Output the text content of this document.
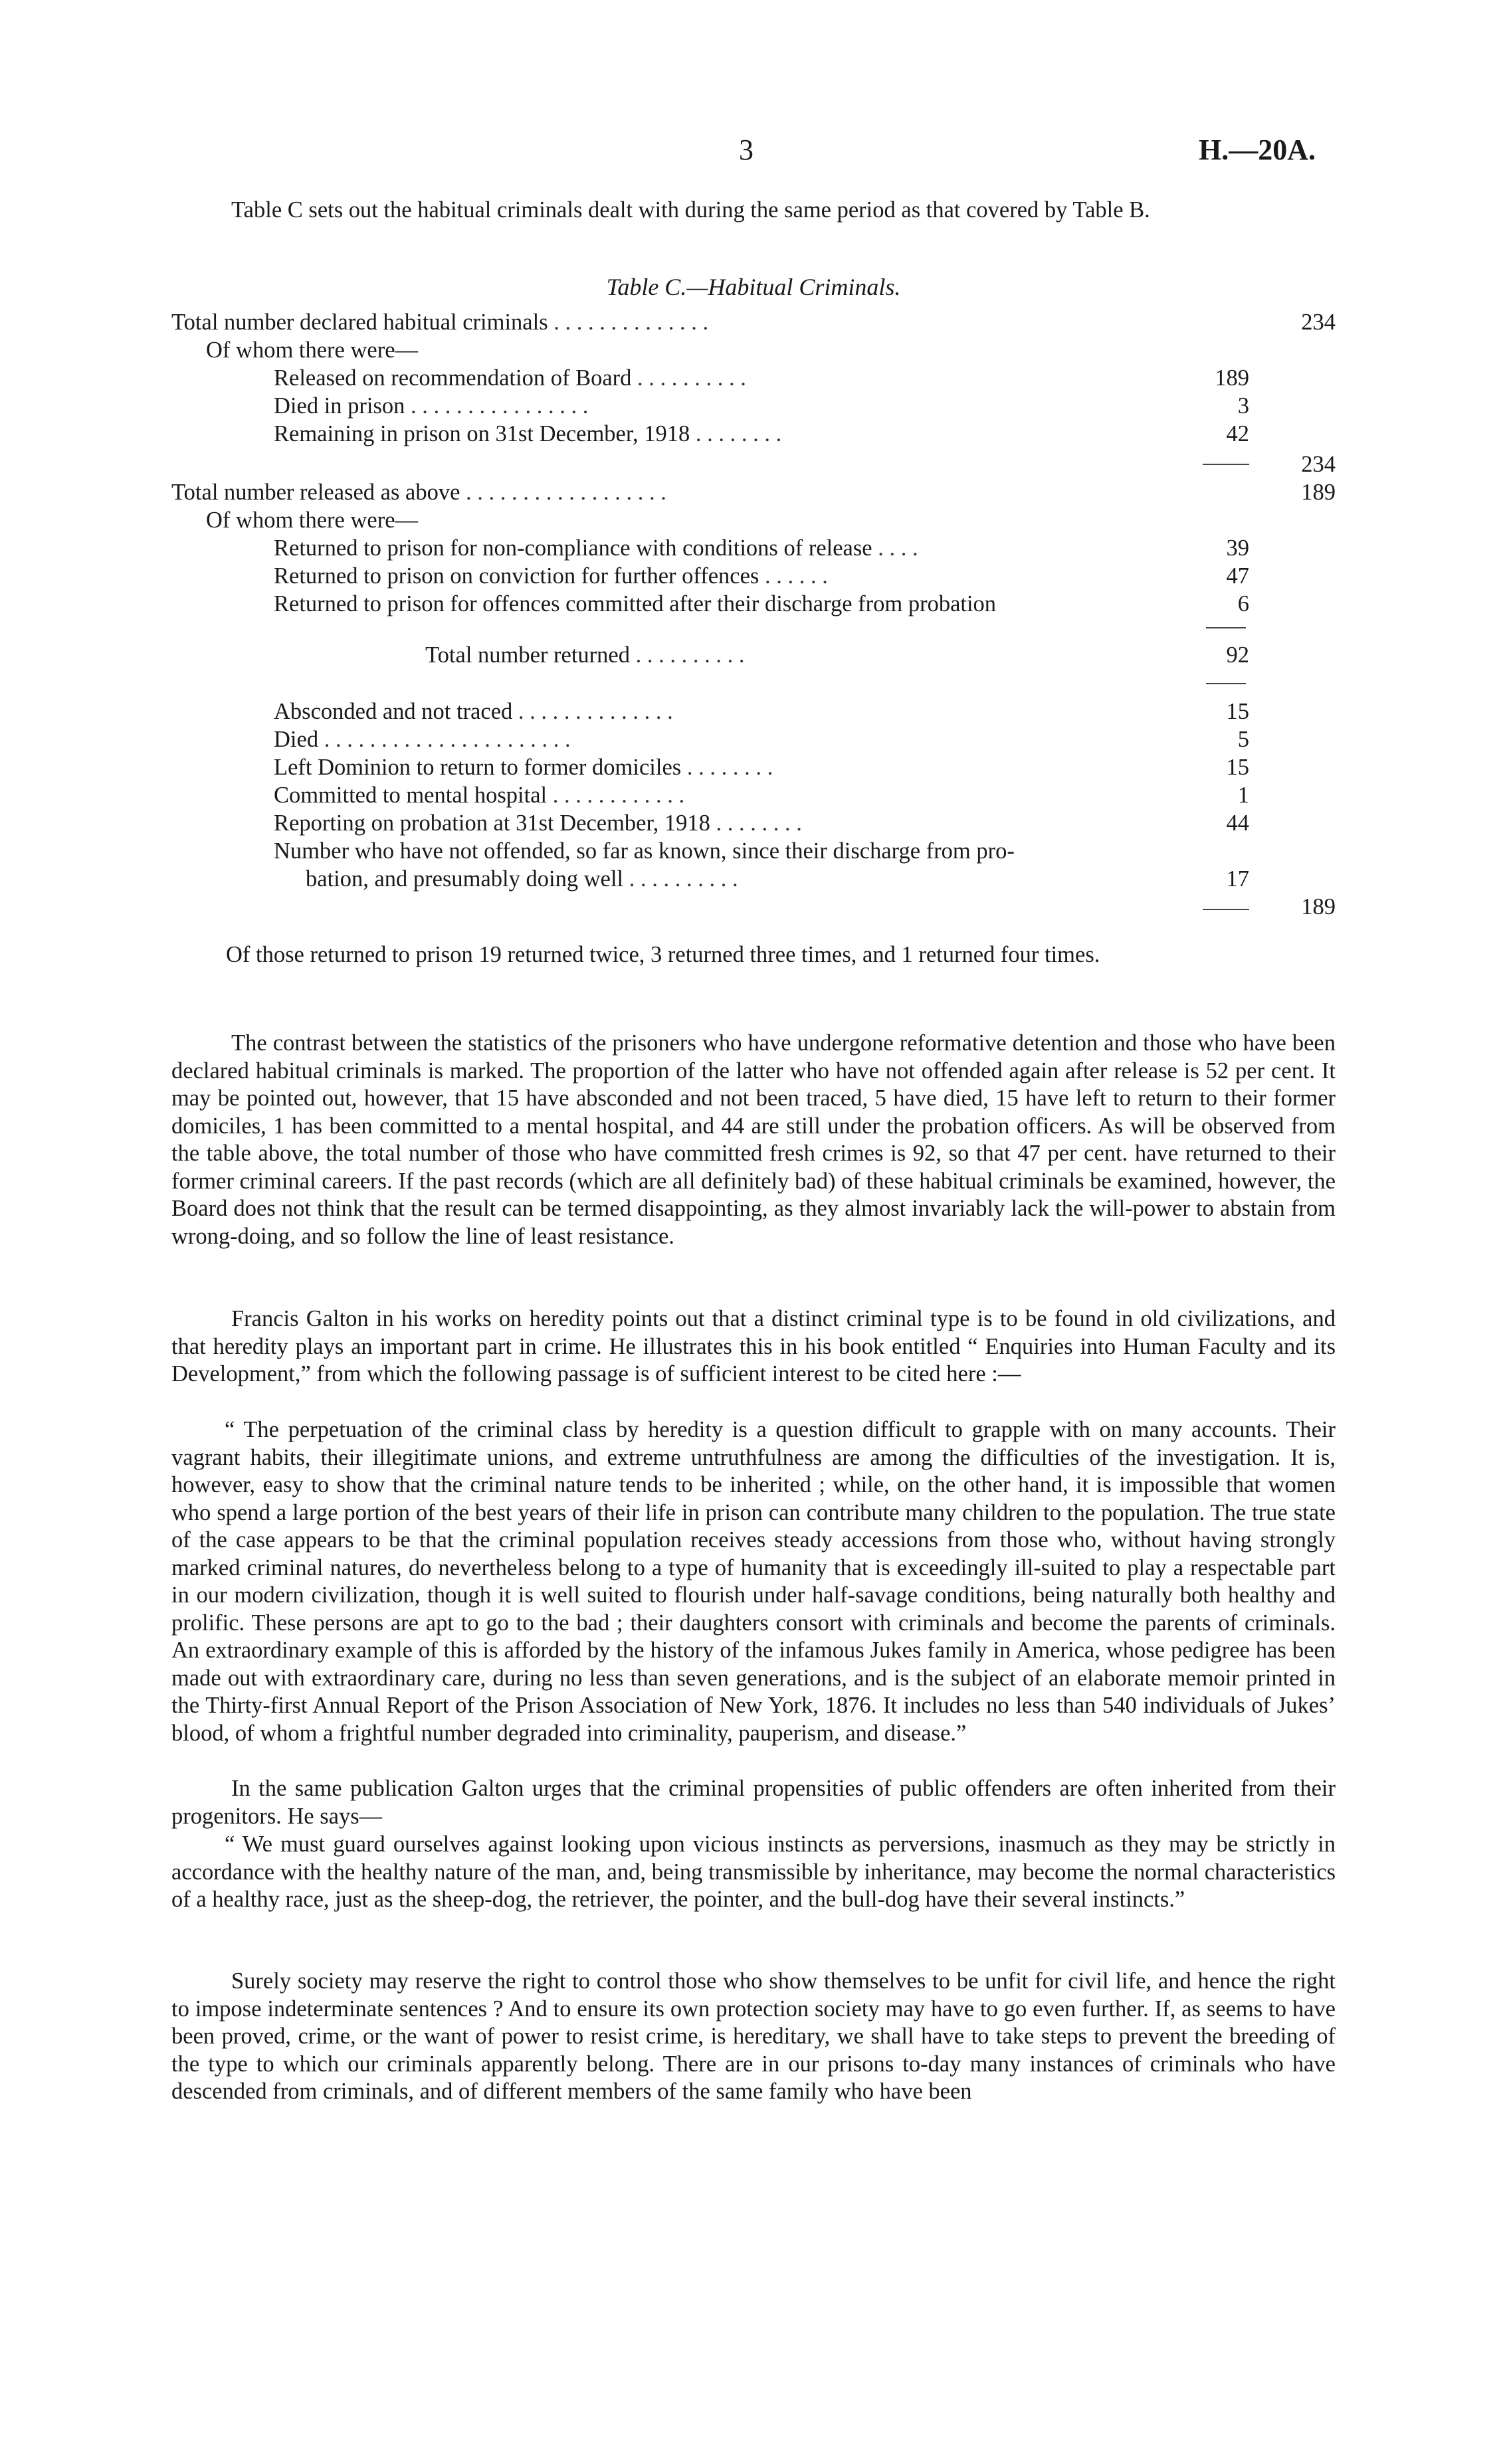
3	H.—20A.

Table C sets out the habitual criminals dealt with during the same period as that covered by Table B.

Table C.—Habitual Criminals.
Total number declared habitual criminals . . . . . . . . . . . . . .	234
Of whom there were—
Released on recommendation of Board . . . . . . . . . .	189
Died in prison . . . . . . . . . . . . . . . .	3
Remaining in prison on 31st December, 1918 . . . . . . . .	42
234
Total number released as above . . . . . . . . . . . . . . . . . .	189
Of whom there were—
Returned to prison for non-compliance with conditions of release . . . .	39
Returned to prison on conviction for further offences . . . . . .	47
Returned to prison for offences committed after their discharge from probation	6
Total number returned . . . . . . . . . .	92
Absconded and not traced . . . . . . . . . . . . . .	15
Died . . . . . . . . . . . . . . . . . . . . . .	5
Left Dominion to return to former domiciles . . . . . . . .	15
Committed to mental hospital . . . . . . . . . . . .	1
Reporting on probation at 31st December, 1918 . . . . . . . .	44
Number who have not offended, so far as known, since their discharge from pro-
bation, and presumably doing well . . . . . . . . . .	17
189
Of those returned to prison 19 returned twice, 3 returned three times, and 1 returned four times.

The contrast between the statistics of the prisoners who have undergone reformative detention and those who have been declared habitual criminals is marked. The proportion of the latter who have not offended again after release is 52 per cent. It may be pointed out, however, that 15 have absconded and not been traced, 5 have died, 15 have left to return to their former domiciles, 1 has been committed to a mental hospital, and 44 are still under the probation officers. As will be observed from the table above, the total number of those who have committed fresh crimes is 92, so that 47 per cent. have returned to their former criminal careers. If the past records (which are all definitely bad) of these habitual criminals be examined, however, the Board does not think that the result can be termed disappointing, as they almost invariably lack the will-power to abstain from wrong-doing, and so follow the line of least resistance.

Francis Galton in his works on heredity points out that a distinct criminal type is to be found in old civilizations, and that heredity plays an important part in crime. He illustrates this in his book entitled “ Enquiries into Human Faculty and its Development,” from which the following passage is of sufficient interest to be cited here :—

“ The perpetuation of the criminal class by heredity is a question difficult to grapple with on many accounts. Their vagrant habits, their illegitimate unions, and extreme untruthfulness are among the difficulties of the investigation. It is, however, easy to show that the criminal nature tends to be inherited ; while, on the other hand, it is impossible that women who spend a large portion of the best years of their life in prison can contribute many children to the population. The true state of the case appears to be that the criminal population receives steady accessions from those who, without having strongly marked criminal natures, do nevertheless belong to a type of humanity that is exceedingly ill-suited to play a respectable part in our modern civilization, though it is well suited to flourish under half-savage conditions, being naturally both healthy and prolific. These persons are apt to go to the bad ; their daughters consort with criminals and become the parents of criminals. An extraordinary example of this is afforded by the history of the infamous Jukes family in America, whose pedigree has been made out with extraordinary care, during no less than seven generations, and is the subject of an elaborate memoir printed in the Thirty-first Annual Report of the Prison Association of New York, 1876. It includes no less than 540 individuals of Jukes’ blood, of whom a frightful number degraded into criminality, pauperism, and disease.”

In the same publication Galton urges that the criminal propensities of public offenders are often inherited from their progenitors. He says—

“ We must guard ourselves against looking upon vicious instincts as perversions, inasmuch as they may be strictly in accordance with the healthy nature of the man, and, being transmissible by inheritance, may become the normal characteristics of a healthy race, just as the sheep-dog, the retriever, the pointer, and the bull-dog have their several instincts.”

Surely society may reserve the right to control those who show themselves to be unfit for civil life, and hence the right to impose indeterminate sentences ? And to ensure its own protection society may have to go even further. If, as seems to have been proved, crime, or the want of power to resist crime, is hereditary, we shall have to take steps to prevent the breeding of the type to which our criminals apparently belong. There are in our prisons to-day many instances of criminals who have descended from criminals, and of different members of the same family who have been
